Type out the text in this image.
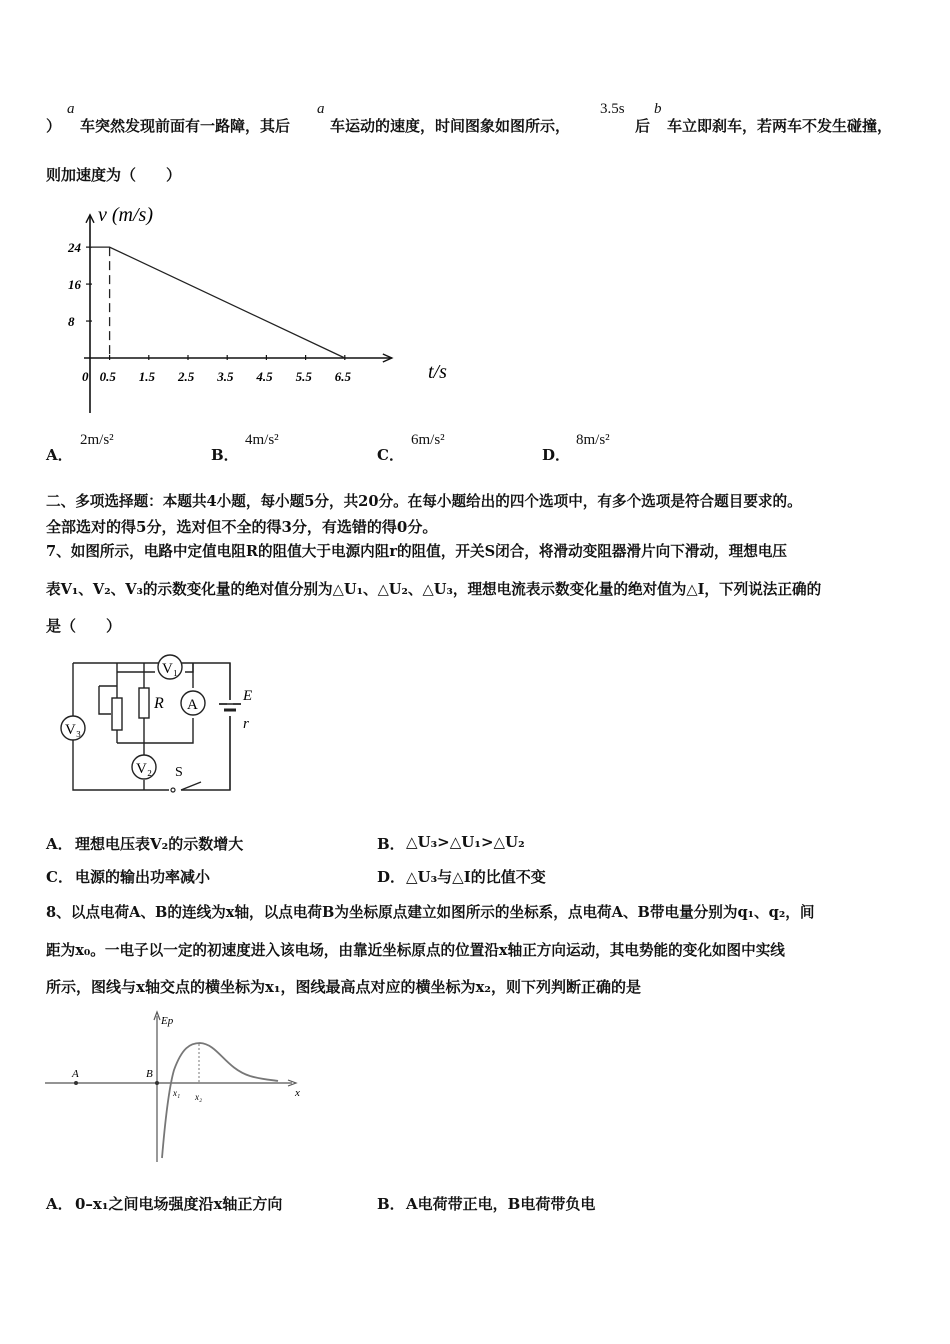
）
a
车突然发现前面有一路障，其后
a
车运动的速度，时间图象如图所示，
3.5s
后
b
车立即刹车，若两车不发生碰撞，
则加速度为（　　）
24
16
8
0 0.5 1.5 2.5 3.5 4.5 5.5 6.5
v (m/s)
t/s
A．
2m/s²
B．
4m/s²
C．
6m/s²
D．
8m/s²
二、多项选择题：本题共4小题，每小题5分，共20分。在每小题给出的四个选项中，有多个选项是符合题目要求的。
全部选对的得5分，选对但不全的得3分，有选错的得0分。
7、如图所示，电路中定值电阻R的阻值大于电源内阻r的阻值，开关S闭合，将滑动变阻器滑片向下滑动，理想电压
表V₁、V₂、V₃的示数变化量的绝对值分别为△U₁、△U₂、△U₃，理想电流表示数变化量的绝对值为△I，下列说法正确的
是（　　）
V₃
V₁
A
V₂
R	E
r
S
A． 理想电压表V₂的示数增大	B． △U₃>△U₁>△U₂
C． 电源的输出功率减小	D． △U₃与△I的比值不变
8、以点电荷A、B的连线为x轴，以点电荷B为坐标原点建立如图所示的坐标系，点电荷A、B带电量分别为q₁、q₂，间
距为x₀。一电子以一定的初速度进入该电场，由靠近坐标原点的位置沿x轴正方向运动，其电势能的变化如图中实线
所示，图线与x轴交点的横坐标为x₁，图线最高点对应的横坐标为x₂，则下列判断正确的是
Ep
x
A	B
x₁ x₂
A． 0–x₁之间电场强度沿x轴正方向	B． A电荷带正电，B电荷带负电
